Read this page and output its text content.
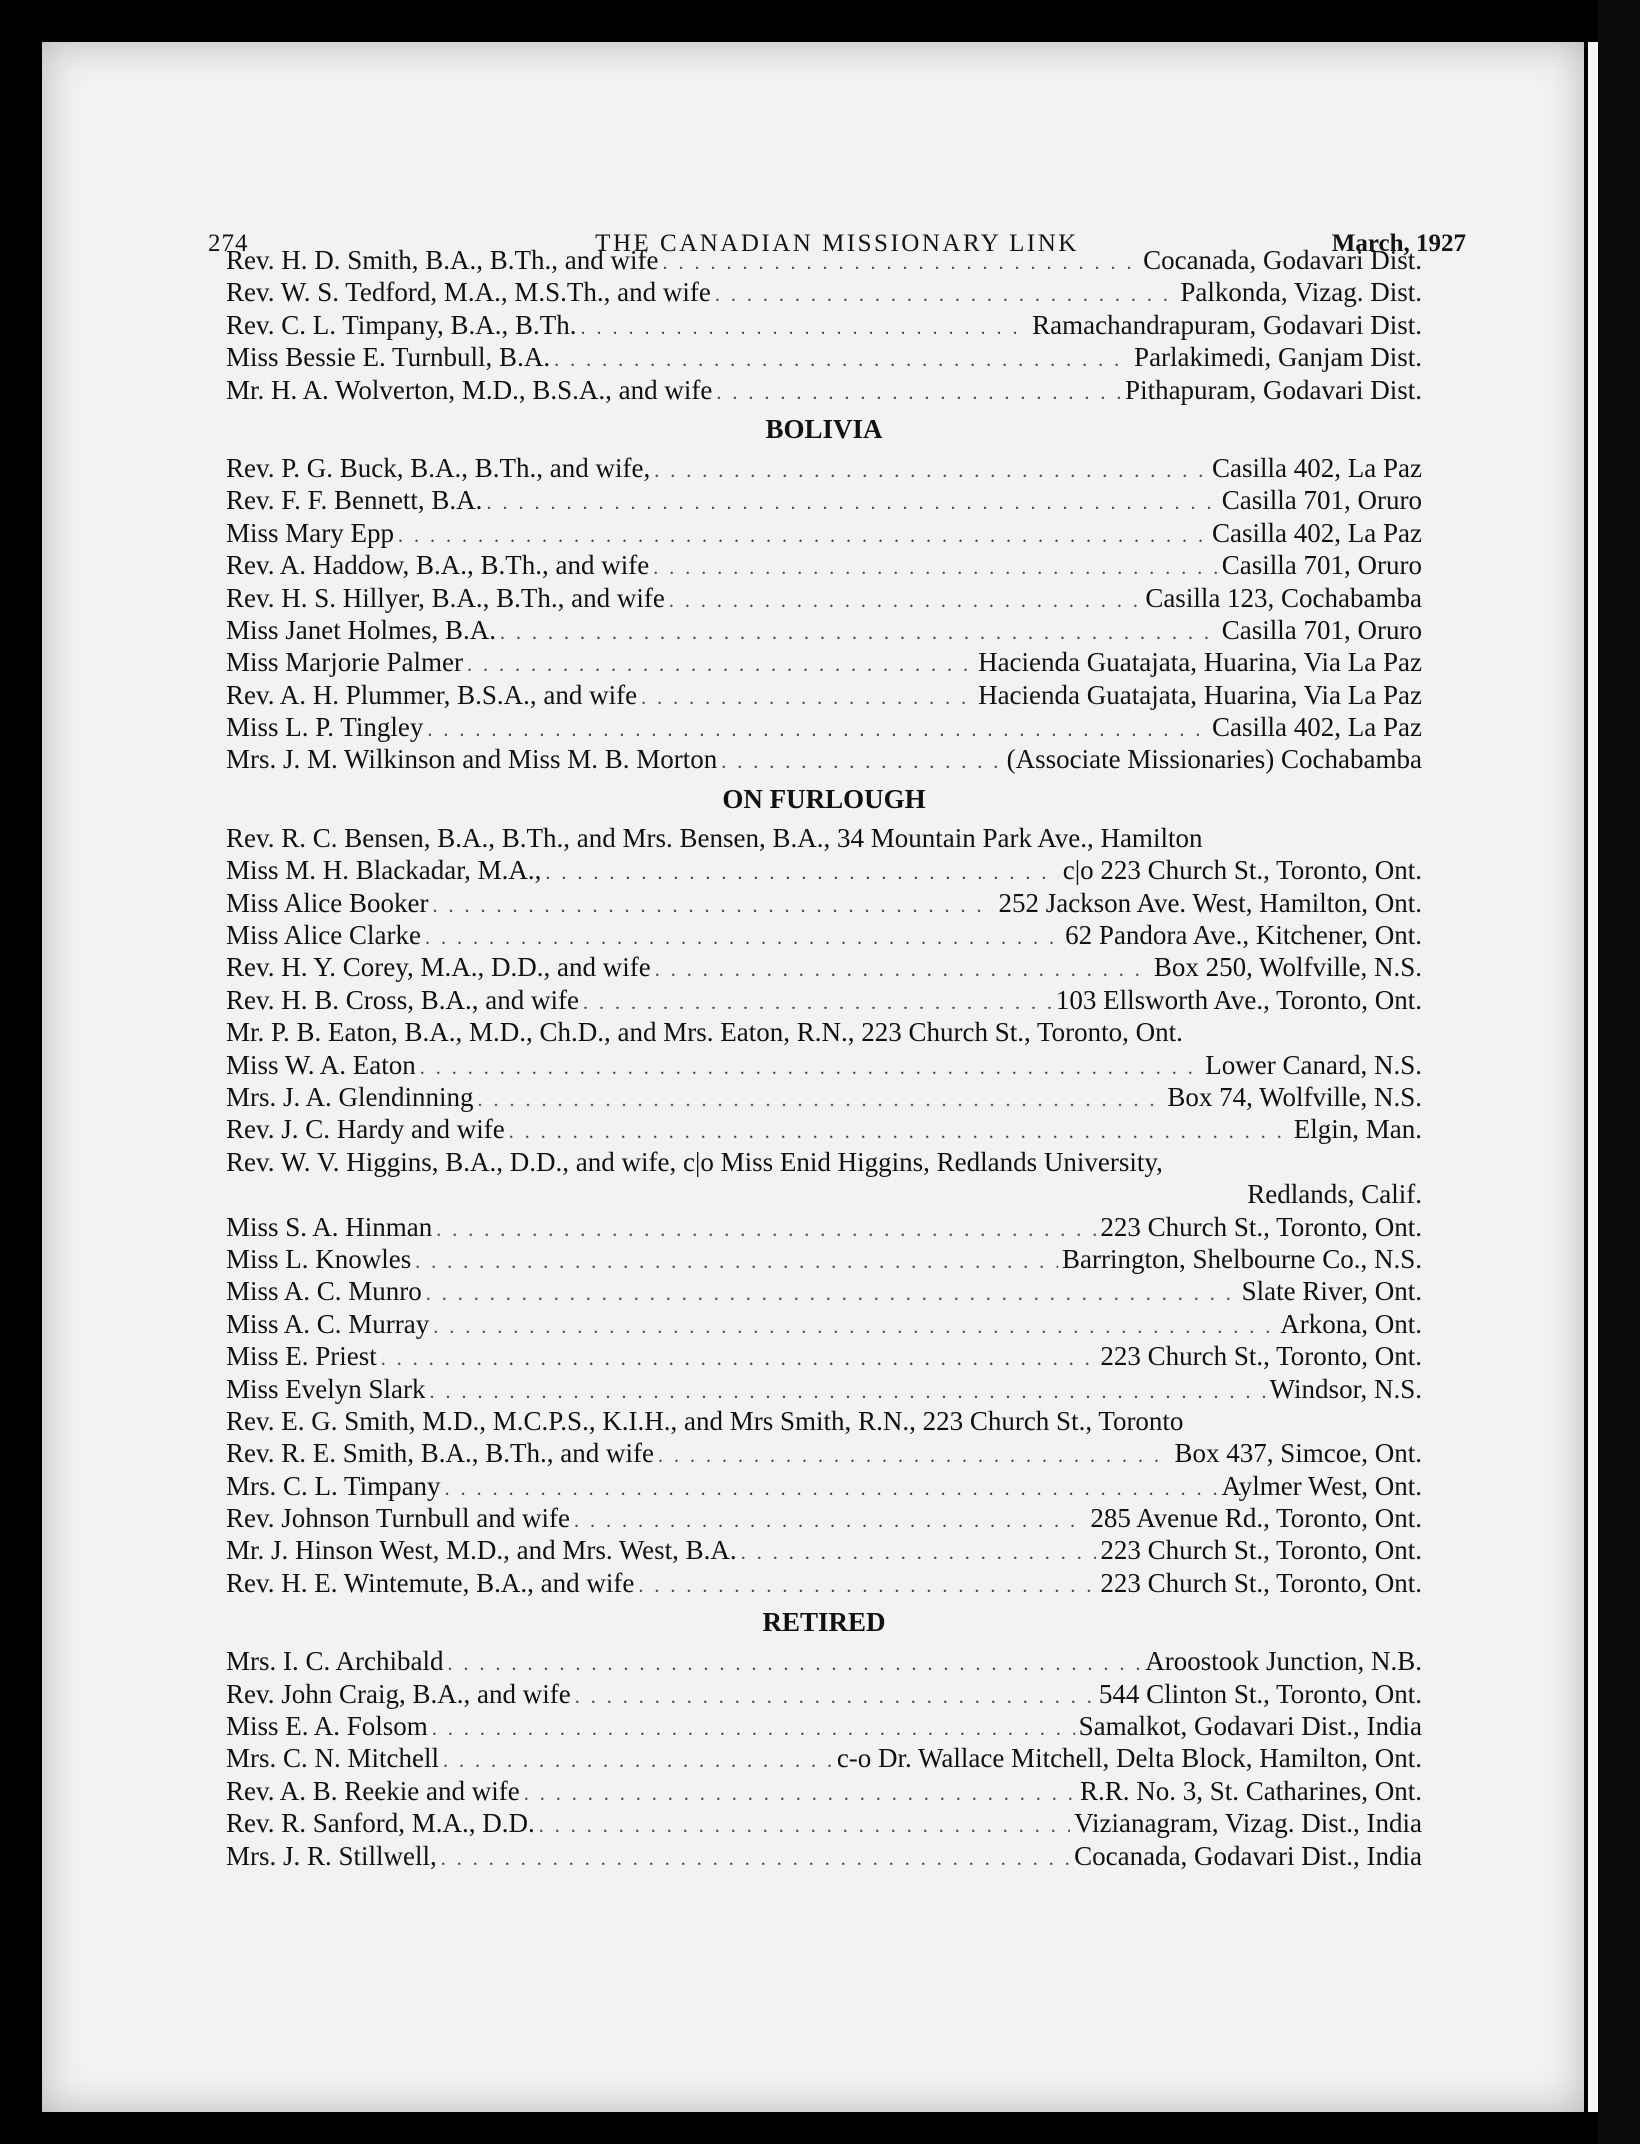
274	THE CANADIAN MISSIONARY LINK	March, 1927
Rev. H. D. Smith, B.A., B.Th., and wife . . .	Cocanada, Godavari Dist.
Rev. W. S. Tedford, M.A., M.S.Th., and wife . . .	Palkonda, Vizag. Dist.
Rev. C. L. Timpany, B.A., B.Th. . . .	Ramachandrapuram, Godavari Dist.
Miss Bessie E. Turnbull, B.A. . . .	Parlakimedi, Ganjam Dist.
Mr. H. A. Wolverton, M.D., B.S.A., and wife . . .	Pithapuram, Godavari Dist.
BOLIVIA
Rev. P. G. Buck, B.A., B.Th., and wife, . . .	Casilla 402, La Paz
Rev. F. F. Bennett, B.A. . . .	Casilla 701, Oruro
Miss Mary Epp . . .	Casilla 402, La Paz
Rev. A. Haddow, B.A., B.Th., and wife . . .	Casilla 701, Oruro
Rev. H. S. Hillyer, B.A., B.Th., and wife . . .	Casilla 123, Cochabamba
Miss Janet Holmes, B.A. . . .	Casilla 701, Oruro
Miss Marjorie Palmer . . .	Hacienda Guatajata, Huarina, Via La Paz
Rev. A. H. Plummer, B.S.A., and wife . . .	Hacienda Guatajata, Huarina, Via La Paz
Miss L. P. Tingley . . .	Casilla 402, La Paz
Mrs. J. M. Wilkinson and Miss M. B. Morton . . .	(Associate Missionaries) Cochabamba
ON FURLOUGH
Rev. R. C. Bensen, B.A., B.Th., and Mrs. Bensen, B.A., 34 Mountain Park Ave., Hamilton
Miss M. H. Blackadar, M.A., . . .	c|o 223 Church St., Toronto, Ont.
Miss Alice Booker . . .	252 Jackson Ave. West, Hamilton, Ont.
Miss Alice Clarke . . .	62 Pandora Ave., Kitchener, Ont.
Rev. H. Y. Corey, M.A., D.D., and wife . . .	Box 250, Wolfville, N.S.
Rev. H. B. Cross, B.A., and wife . . .	103 Ellsworth Ave., Toronto, Ont.
Mr. P. B. Eaton, B.A., M.D., Ch.D., and Mrs. Eaton, R.N., 223 Church St., Toronto, Ont.
Miss W. A. Eaton . . .	Lower Canard, N.S.
Mrs. J. A. Glendinning . . .	Box 74, Wolfville, N.S.
Rev. J. C. Hardy and wife . . .	Elgin, Man.
Rev. W. V. Higgins, B.A., D.D., and wife, c|o Miss Enid Higgins, Redlands University,
Redlands, Calif.
Miss S. A. Hinman . . .	223 Church St., Toronto, Ont.
Miss L. Knowles . . .	Barrington, Shelbourne Co., N.S.
Miss A. C. Munro . . .	Slate River, Ont.
Miss A. C. Murray . . .	Arkona, Ont.
Miss E. Priest . . .	223 Church St., Toronto, Ont.
Miss Evelyn Slark . . .	Windsor, N.S.
Rev. E. G. Smith, M.D., M.C.P.S., K.I.H., and Mrs Smith, R.N., 223 Church St., Toronto
Rev. R. E. Smith, B.A., B.Th., and wife . . .	Box 437, Simcoe, Ont.
Mrs. C. L. Timpany . . .	Aylmer West, Ont.
Rev. Johnson Turnbull and wife . . .	285 Avenue Rd., Toronto, Ont.
Mr. J. Hinson West, M.D., and Mrs. West, B.A. . . .	223 Church St., Toronto, Ont.
Rev. H. E. Wintemute, B.A., and wife . . .	223 Church St., Toronto, Ont.
RETIRED
Mrs. I. C. Archibald . . .	Aroostook Junction, N.B.
Rev. John Craig, B.A., and wife . . .	544 Clinton St., Toronto, Ont.
Miss E. A. Folsom . . .	Samalkot, Godavari Dist., India
Mrs. C. N. Mitchell . . .	c-o Dr. Wallace Mitchell, Delta Block, Hamilton, Ont.
Rev. A. B. Reekie and wife . . .	R.R. No. 3, St. Catharines, Ont.
Rev. R. Sanford, M.A., D.D. . . .	Vizianagram, Vizag. Dist., India
Mrs. J. R. Stillwell, . . .	Cocanada, Godavari Dist., India
